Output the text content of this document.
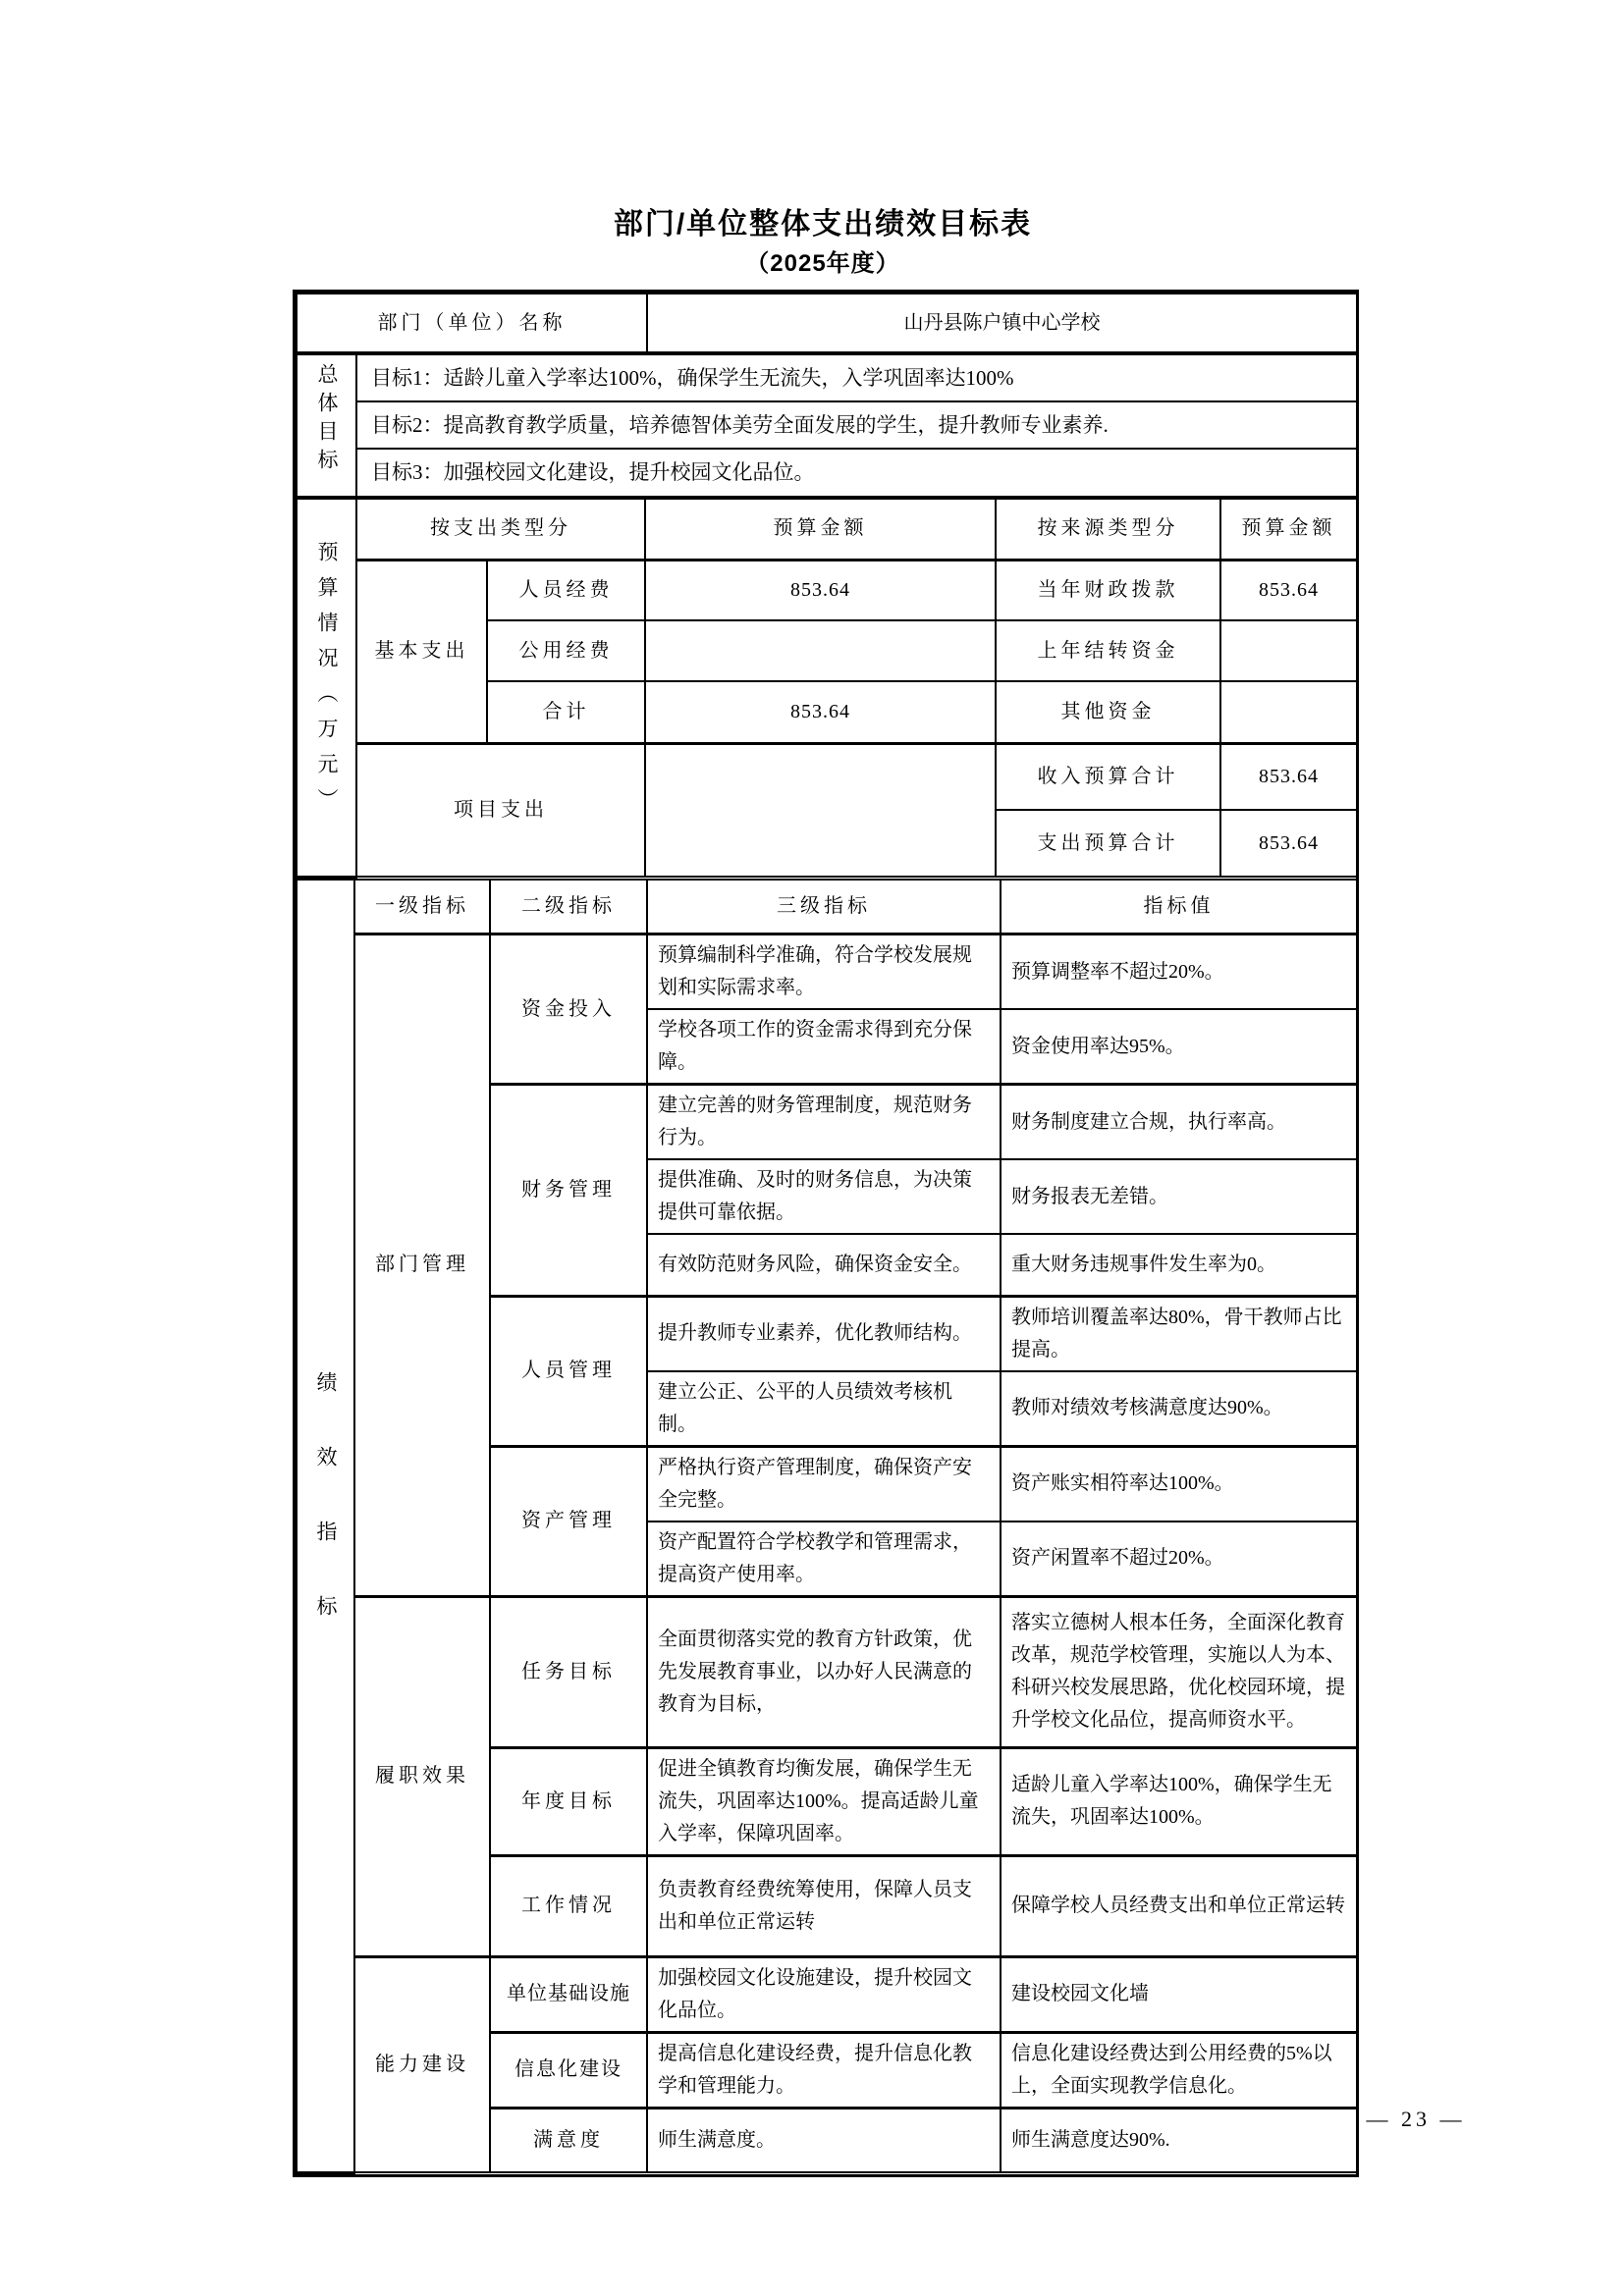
部门/单位整体支出绩效目标表
（2025年度）
部门（单位）名称	山丹县陈户镇中心学校
总体目标	目标1：适龄儿童入学率达100%，确保学生无流失，入学巩固率达100%
目标2：提高教育教学质量，培养德智体美劳全面发展的学生，提升教师专业素养.
目标3：加强校园文化建设，提升校园文化品位。
预算情况（万元）	按支出类型分		预算金额	按来源类型分	预算金额
	基本支出	人员经费	853.64	当年财政拨款	853.64
		公用经费		上年结转资金	
		合计	853.64	其他资金	
	项目支出			收入预算合计	853.64
				支出预算合计	853.64
绩效指标	一级指标	二级指标	三级指标	指标值
	部门管理	资金投入	预算编制科学准确，符合学校发展规划和实际需求率。	预算调整率不超过20%。
			学校各项工作的资金需求得到充分保障。	资金使用率达95%。
		财务管理	建立完善的财务管理制度，规范财务行为。	财务制度建立合规，执行率高。
			提供准确、及时的财务信息，为决策提供可靠依据。	财务报表无差错。
			有效防范财务风险，确保资金安全。	重大财务违规事件发生率为0。
		人员管理	提升教师专业素养，优化教师结构。	教师培训覆盖率达80%，骨干教师占比提高。
			建立公正、公平的人员绩效考核机制。	教师对绩效考核满意度达90%。
		资产管理	严格执行资产管理制度，确保资产安全完整。	资产账实相符率达100%。
			资产配置符合学校教学和管理需求，提高资产使用率。	资产闲置率不超过20%。
	履职效果	任务目标	全面贯彻落实党的教育方针政策，优先发展教育事业，以办好人民满意的教育为目标，	落实立德树人根本任务，全面深化教育改革，规范学校管理，实施以人为本、科研兴校发展思路，优化校园环境，提升学校文化品位，提高师资水平。
		年度目标	促进全镇教育均衡发展，确保学生无流失，巩固率达100%。提高适龄儿童入学率，保障巩固率。	适龄儿童入学率达100%，确保学生无流失，巩固率达100%。
		工作情况	负责教育经费统筹使用，保障人员支出和单位正常运转	保障学校人员经费支出和单位正常运转
	能力建设	单位基础设施	加强校园文化设施建设，提升校园文化品位。	建设校园文化墙
		信息化建设	提高信息化建设经费，提升信息化教学和管理能力。	信息化建设经费达到公用经费的5%以上，全面实现教学信息化。
		满意度	师生满意度。	师生满意度达90%.
— 23 —
